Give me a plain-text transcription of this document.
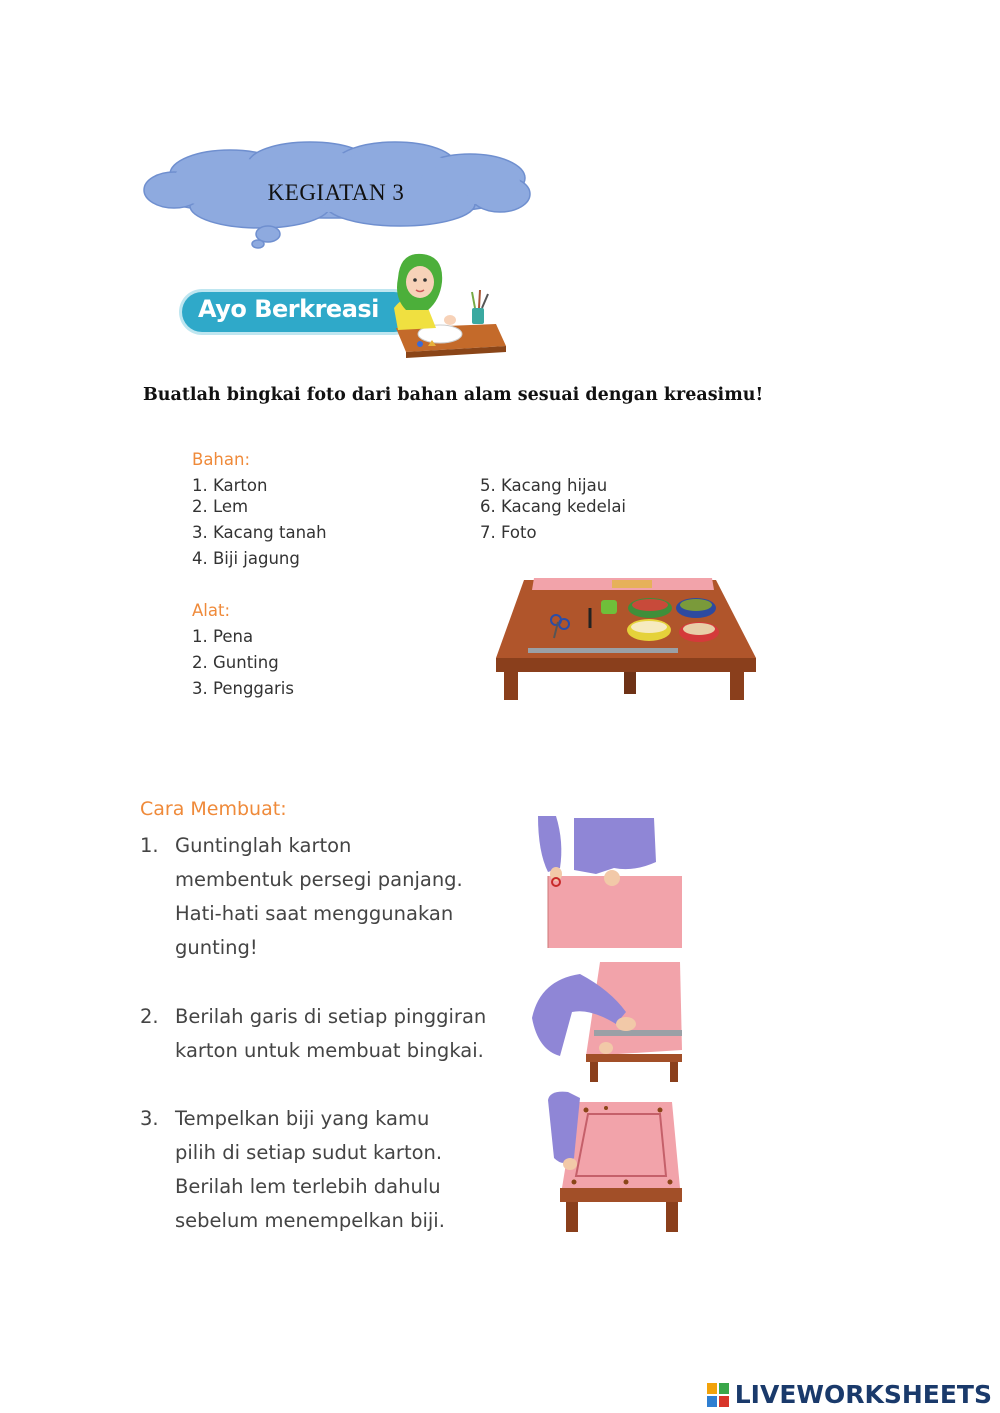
KEGIATAN 3
Ayo Berkreasi
Buatlah bingkai foto dari bahan alam sesuai dengan kreasimu!
Bahan:
1. Karton
2. Lem
3. Kacang tanah
4. Biji jagung
5. Kacang hijau
6. Kacang kedelai
7. Foto
Alat:
1. Pena
2. Gunting
3. Penggaris
Cara Membuat:
1. Guntinglah karton
membentuk persegi panjang.
Hati-hati saat menggunakan
gunting!
2. Berilah garis di setiap pinggiran
karton untuk membuat bingkai.
3. Tempelkan biji yang kamu
pilih di setiap sudut karton.
Berilah lem terlebih dahulu
sebelum menempelkan biji.
LIVEWORKSHEETS
